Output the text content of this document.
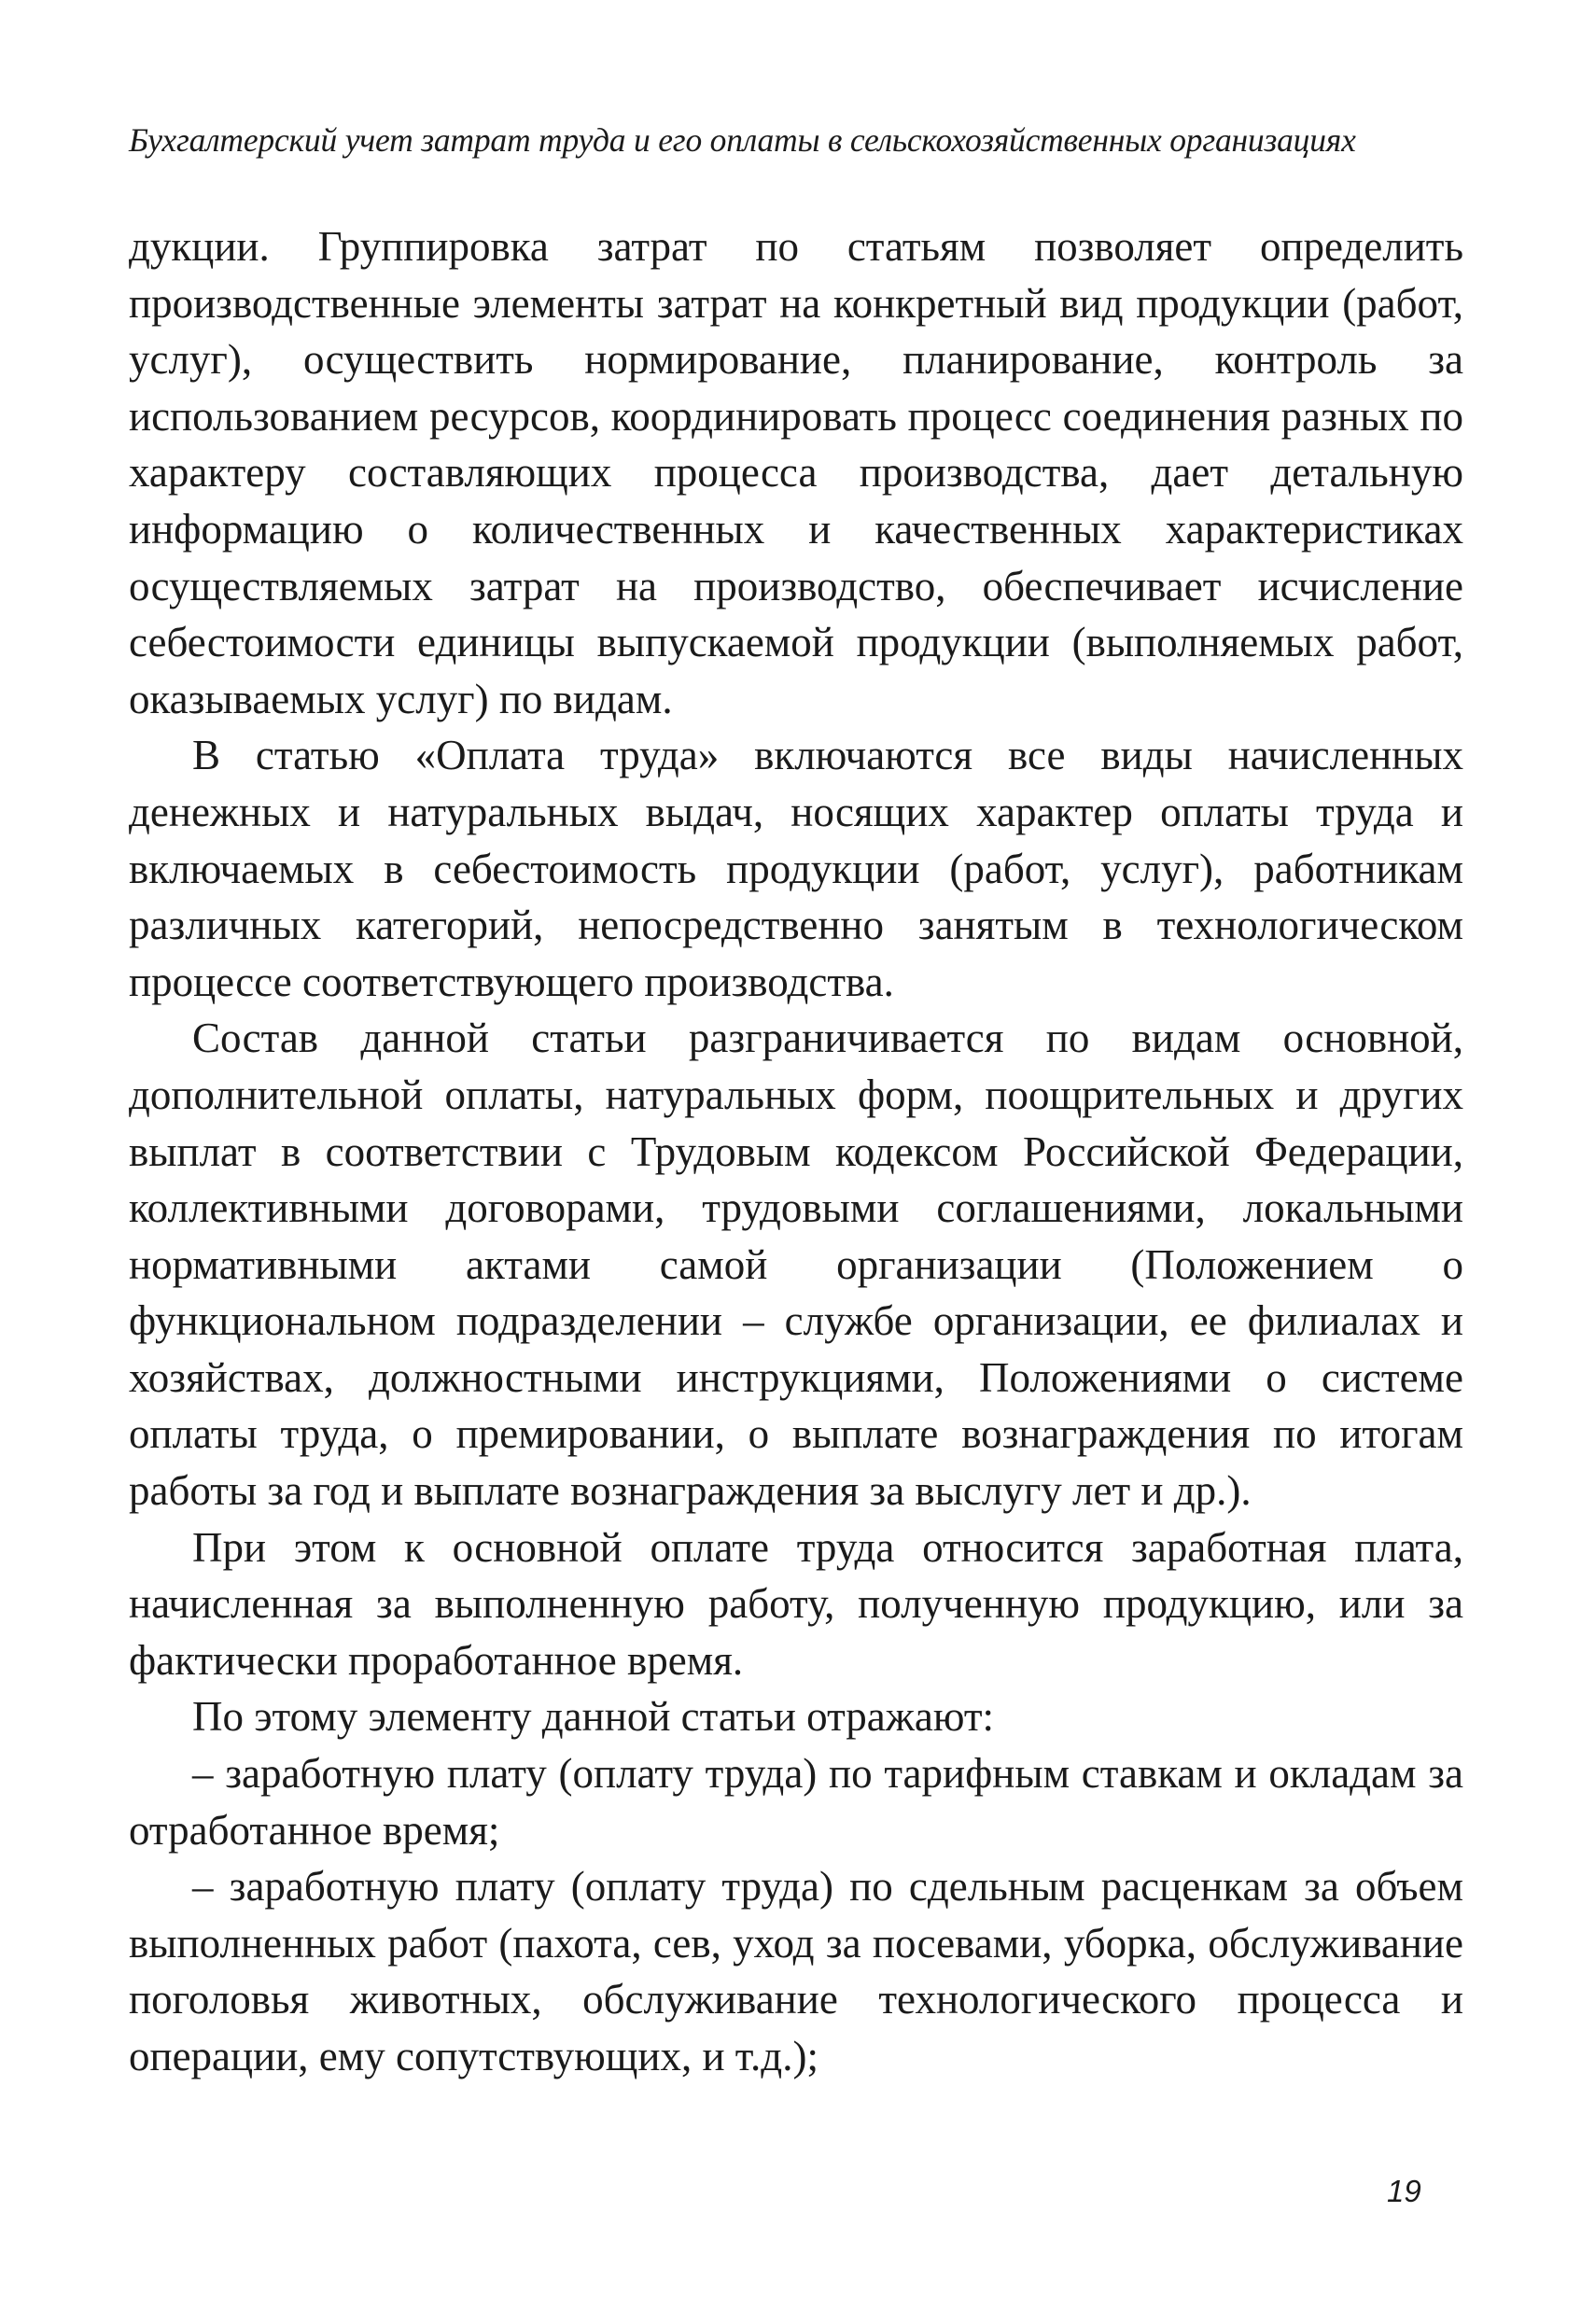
Бухгалтерский учет затрат труда и его оплаты в сельскохозяйственных организациях

дукции. Группировка затрат по статьям позволяет определить производственные элементы затрат на конкретный вид продукции (работ, услуг), осуществить нормирование, планирование, контроль за использованием ресурсов, координировать процесс соединения разных по характеру составляющих процесса производства, дает детальную информацию о количественных и качественных характеристиках осуществляемых затрат на производство, обеспечивает исчисление себестоимости единицы выпускаемой продукции (выполняемых работ, оказываемых услуг) по видам.

В статью «Оплата труда» включаются все виды начисленных денежных и натуральных выдач, носящих характер оплаты труда и включаемых в себестоимость продукции (работ, услуг), работникам различных категорий, непосредственно занятым в технологическом процессе соответствующего производства.

Состав данной статьи разграничивается по видам основной, дополнительной оплаты, натуральных форм, поощрительных и других выплат в соответствии с Трудовым кодексом Российской Федерации, коллективными договорами, трудовыми соглашениями, локальными нормативными актами самой организации (Положением о функциональном подразделении – службе организации, ее филиалах и хозяйствах, должностными инструкциями, Положениями о системе оплаты труда, о премировании, о выплате вознаграждения по итогам работы за год и выплате вознаграждения за выслугу лет и др.).

При этом к основной оплате труда относится заработная плата, начисленная за выполненную работу, полученную продукцию, или за фактически проработанное время.

По этому элементу данной статьи отражают:

– заработную плату (оплату труда) по тарифным ставкам и окладам за отработанное время;

– заработную плату (оплату труда) по сдельным расценкам за объем выполненных работ (пахота, сев, уход за посевами, уборка, обслуживание поголовья животных, обслуживание технологического процесса и операции, ему сопутствующих, и т.д.);

19
